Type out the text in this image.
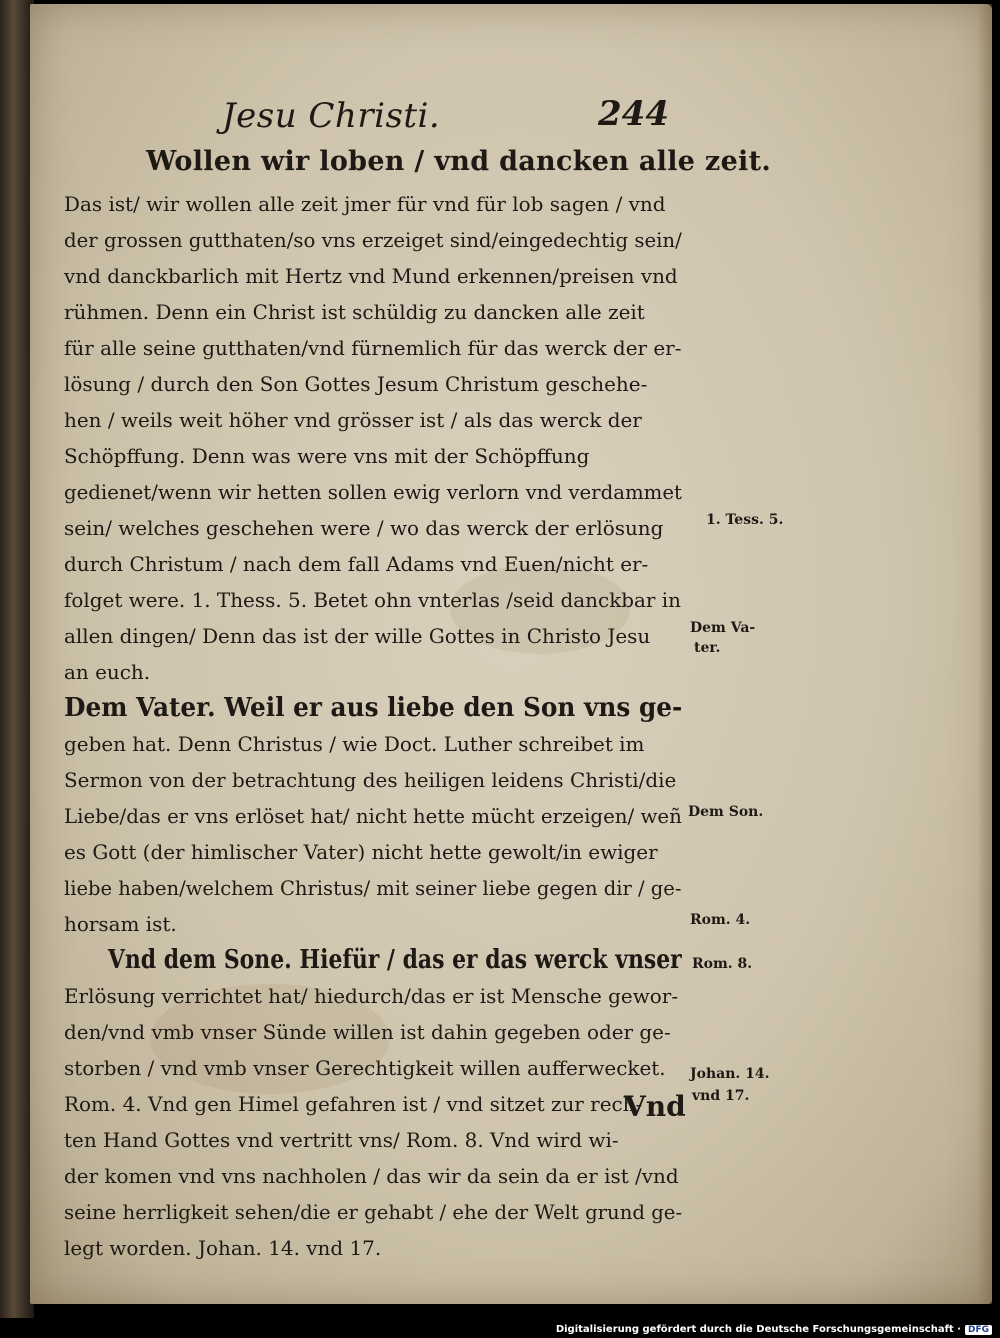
Jesu Christi.	244
Wollen wir loben / vnd dancken alle zeit.
Das ist/ wir wollen alle zeit jmer für vnd für lob sagen / vnd
der grossen gutthaten/so vns erzeiget sind/eingedechtig sein/
vnd danckbarlich mit Hertz vnd Mund erkennen/preisen vnd
rühmen. Denn ein Christ ist schüldig zu dancken alle zeit
für alle seine gutthaten/vnd fürnemlich für das werck der er-
lösung / durch den Son Gottes Jesum Christum geschehe-
hen / weils weit höher vnd grösser ist / als das werck der
Schöpffung. Denn was were vns mit der Schöpffung
gedienet/wenn wir hetten sollen ewig verlorn vnd verdammet
sein/ welches geschehen were / wo das werck der erlösung
durch Christum / nach dem fall Adams vnd Euen/nicht er-
folget were. 1. Thess. 5. Betet ohn vnterlas /seid danckbar in
allen dingen/ Denn das ist der wille Gottes in Christo Jesu
an euch.
Dem Vater. Weil er aus liebe den Son vns ge-
geben hat. Denn Christus / wie Doct. Luther schreibet im
Sermon von der betrachtung des heiligen leidens Christi/die
Liebe/das er vns erlöset hat/ nicht hette mücht erzeigen/ weñ
es Gott (der himlischer Vater) nicht hette gewolt/in ewiger
liebe haben/welchem Christus/ mit seiner liebe gegen dir / ge-
horsam ist.
Vnd dem Sone. Hiefür / das er das werck vnser
Erlösung verrichtet hat/ hiedurch/das er ist Mensche gewor-
den/vnd vmb vnser Sünde willen ist dahin gegeben oder ge-
storben / vnd vmb vnser Gerechtigkeit willen aufferwecket.
Rom. 4. Vnd gen Himel gefahren ist / vnd sitzet zur rech-
ten Hand Gottes vnd vertritt vns/ Rom. 8. Vnd wird wi-
der komen vnd vns nachholen / das wir da sein da er ist /vnd
seine herrligkeit sehen/die er gehabt / ehe der Welt grund ge-
legt worden. Johan. 14. vnd 17.
1. Tess. 5.
Dem Va-
ter.
Dem Son.
Rom. 4.
Rom. 8.
Johan. 14.
vnd 17.
Vnd
Digitalisierung gefördert durch die Deutsche Forschungsgemeinschaft · DFG
